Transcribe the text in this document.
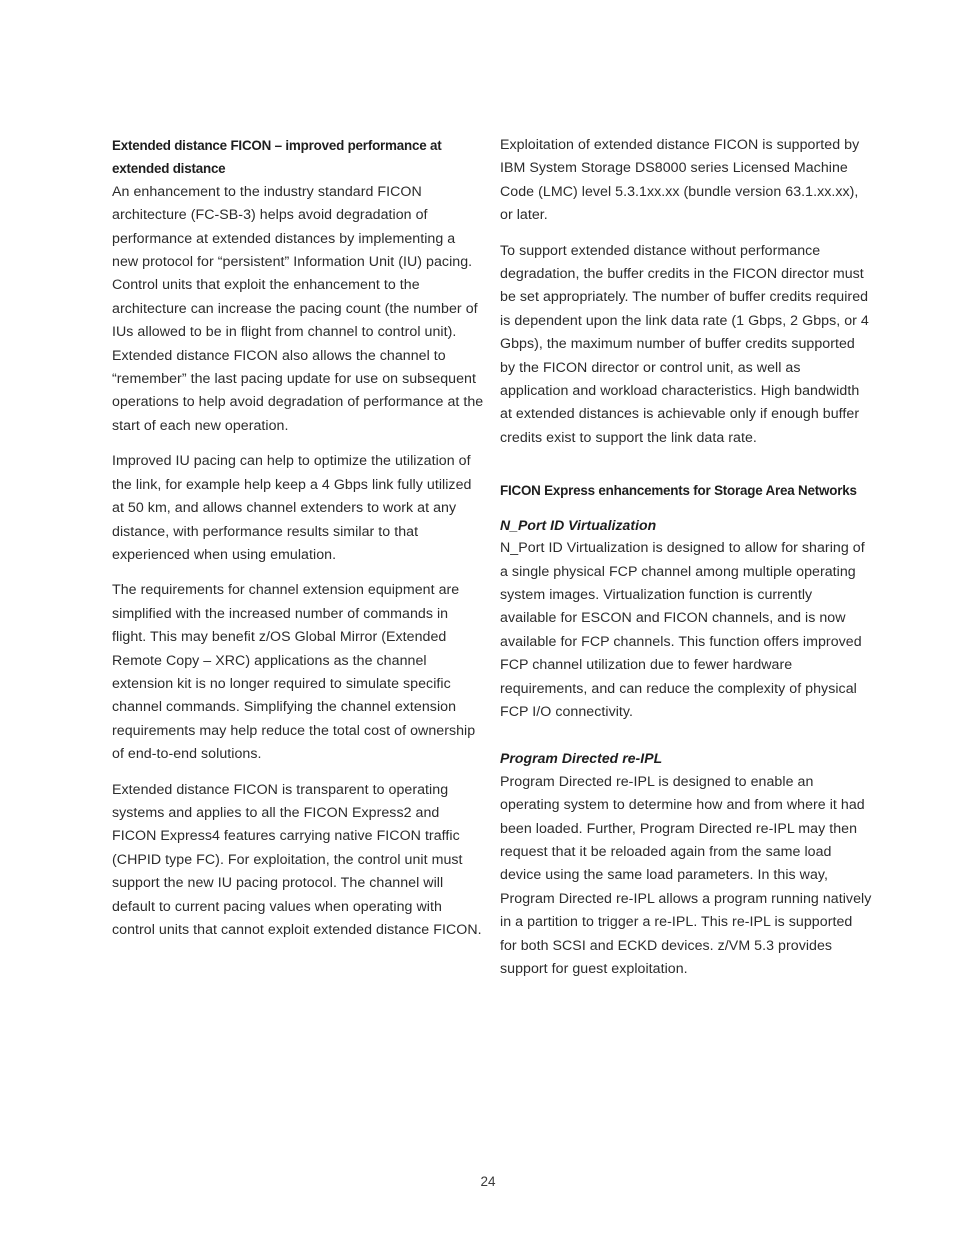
Extended distance FICON – improved performance at extended distance

An enhancement to the industry standard FICON architecture (FC-SB-3) helps avoid degradation of performance at extended distances by implementing a new protocol for “persistent” Information Unit (IU) pacing. Control units that exploit the enhancement to the architecture can increase the pacing count (the number of IUs allowed to be in flight from channel to control unit). Extended distance FICON also allows the channel to “remember” the last pacing update for use on subsequent operations to help avoid degradation of performance at the start of each new operation.

Improved IU pacing can help to optimize the utilization of the link, for example help keep a 4 Gbps link fully utilized at 50 km, and allows channel extenders to work at any distance, with performance results similar to that experienced when using emulation.

The requirements for channel extension equipment are simplified with the increased number of commands in flight. This may benefit z/OS Global Mirror (Extended Remote Copy – XRC) applications as the channel extension kit is no longer required to simulate specific channel commands. Simplifying the channel extension requirements may help reduce the total cost of ownership of end-to-end solutions.

Extended distance FICON is transparent to operating systems and applies to all the FICON Express2 and FICON Express4 features carrying native FICON traffic (CHPID type FC). For exploitation, the control unit must support the new IU pacing protocol. The channel will default to current pacing values when operating with control units that cannot exploit extended distance FICON.

Exploitation of extended distance FICON is supported by IBM System Storage DS8000 series Licensed Machine Code (LMC) level 5.3.1xx.xx (bundle version 63.1.xx.xx), or later.

To support extended distance without performance degradation, the buffer credits in the FICON director must be set appropriately. The number of buffer credits required is dependent upon the link data rate (1 Gbps, 2 Gbps, or 4 Gbps), the maximum number of buffer credits supported by the FICON director or control unit, as well as application and workload characteristics. High bandwidth at extended distances is achievable only if enough buffer credits exist to support the link data rate.

FICON Express enhancements for Storage Area Networks
N_Port ID Virtualization

N_Port ID Virtualization is designed to allow for sharing of a single physical FCP channel among multiple operating system images. Virtualization function is currently available for ESCON and FICON channels, and is now available for FCP channels. This function offers improved FCP channel utilization due to fewer hardware requirements, and can reduce the complexity of physical FCP I/O connectivity.

Program Directed re-IPL

Program Directed re-IPL is designed to enable an operating system to determine how and from where it had been loaded. Further, Program Directed re-IPL may then request that it be reloaded again from the same load device using the same load parameters. In this way, Program Directed re-IPL allows a program running natively in a partition to trigger a re-IPL. This re-IPL is supported for both SCSI and ECKD devices. z/VM 5.3 provides support for guest exploitation.

24
